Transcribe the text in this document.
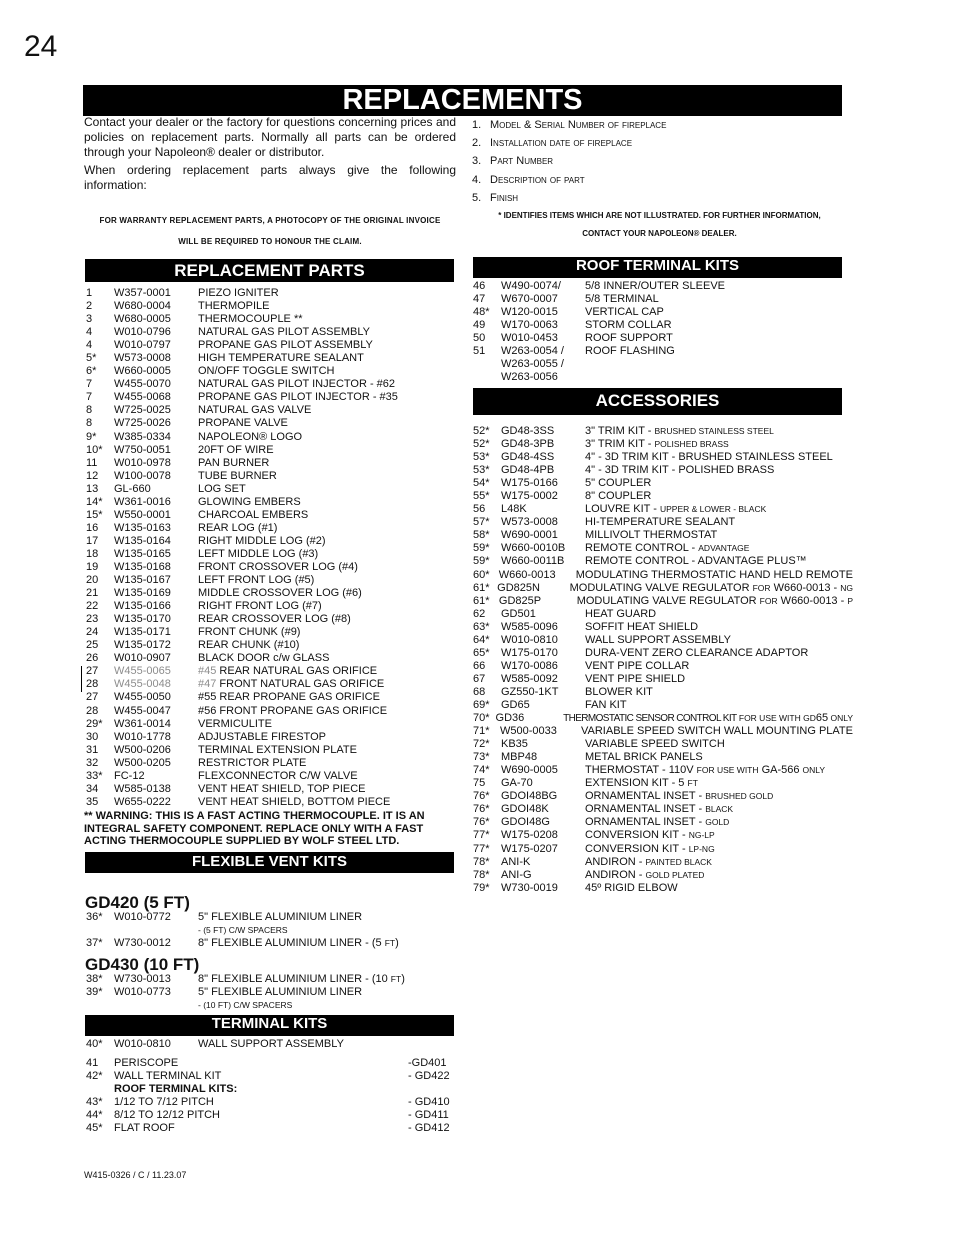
24
REPLACEMENTS

Contact your dealer or the factory for questions concerning prices and policies on replacement parts. Normally all parts can be ordered through your Napoleon® dealer or distributor.

When ordering replacement parts always give the following information:

FOR WARRANTY REPLACEMENT PARTS, A PHOTOCOPY OF THE ORIGINAL INVOICE
WILL BE REQUIRED TO HONOUR THE CLAIM.
1. Model & Serial Number of fireplace
2. Installation date of fireplace
3. Part Number
4. Description of part
5. Finish
* IDENTIFIES ITEMS WHICH ARE NOT ILLUSTRATED. FOR FURTHER INFORMATION,
CONTACT YOUR NAPOLEON® DEALER.
REPLACEMENT PARTS
1	W357-0001	PIEZO IGNITER
2	W680-0004	THERMOPILE
3	W680-0005	THERMOCOUPLE **
4	W010-0796	NATURAL GAS PILOT ASSEMBLY
4	W010-0797	PROPANE GAS PILOT ASSEMBLY
5*	W573-0008	HIGH TEMPERATURE SEALANT
6*	W660-0005	ON/OFF TOGGLE SWITCH
7	W455-0070	NATURAL GAS PILOT INJECTOR - #62
7	W455-0068	PROPANE GAS PILOT INJECTOR - #35
8	W725-0025	NATURAL GAS VALVE
8	W725-0026	PROPANE VALVE
9*	W385-0334	NAPOLEON® LOGO
10*	W750-0051	20FT OF WIRE
11	W010-0978	PAN BURNER
12	W100-0078	TUBE BURNER
13	GL-660	LOG SET
14*	W361-0016	GLOWING EMBERS
15*	W550-0001	CHARCOAL EMBERS
16	W135-0163	REAR LOG (#1)
17	W135-0164	RIGHT MIDDLE LOG (#2)
18	W135-0165	LEFT MIDDLE LOG (#3)
19	W135-0168	FRONT CROSSOVER LOG (#4)
20	W135-0167	LEFT FRONT LOG (#5)
21	W135-0169	MIDDLE CROSSOVER LOG (#6)
22	W135-0166	RIGHT FRONT LOG (#7)
23	W135-0170	REAR CROSSOVER LOG (#8)
24	W135-0171	FRONT CHUNK (#9)
25	W135-0172	REAR CHUNK (#10)
26	W010-0907	BLACK DOOR c/w GLASS
27	W455-0065	#45 REAR NATURAL GAS ORIFICE
28	W455-0048	#47 FRONT NATURAL GAS ORIFICE
27	W455-0050	#55 REAR PROPANE GAS ORIFICE
28	W455-0047	#56 FRONT PROPANE GAS ORIFICE
29*	W361-0014	VERMICULITE
30	W010-1778	ADJUSTABLE FIRESTOP
31	W500-0206	TERMINAL EXTENSION PLATE
32	W500-0205	RESTRICTOR PLATE
33*	FC-12	FLEXCONNECTOR C/W VALVE
34	W585-0138	VENT HEAT SHIELD, TOP PIECE
35	W655-0222	VENT HEAT SHIELD, BOTTOM PIECE
** WARNING: THIS IS A FAST ACTING THERMOCOUPLE. IT IS AN INTEGRAL SAFETY COMPONENT. REPLACE ONLY WITH A FAST ACTING THERMOCOUPLE SUPPLIED BY WOLF STEEL LTD.
FLEXIBLE VENT KITS
GD420 (5 FT)
36*	W010-0772	5" FLEXIBLE ALUMINIUM LINER
- (5 FT) C/W SPACERS
37*	W730-0012	8" FLEXIBLE ALUMINIUM LINER - (5 FT)
GD430 (10 FT)
38*	W730-0013	8" FLEXIBLE ALUMINIUM LINER - (10 FT)
39*	W010-0773	5" FLEXIBLE ALUMINIUM LINER
- (10 FT) C/W SPACERS
TERMINAL KITS
40*	W010-0810	WALL SUPPORT ASSEMBLY
41	PERISCOPE	-GD401
42*	WALL TERMINAL KIT	- GD422
ROOF TERMINAL KITS:
43*	1/12 TO 7/12 PITCH	- GD410
44*	8/12 TO 12/12 PITCH	- GD411
45*	FLAT ROOF	- GD412
ROOF TERMINAL KITS
46	W490-0074/	5/8 INNER/OUTER SLEEVE
47	W670-0007	5/8 TERMINAL
48*	W120-0015	VERTICAL CAP
49	W170-0063	STORM COLLAR
50	W010-0453	ROOF SUPPORT
51	W263-0054 /	ROOF FLASHING
W263-0055 /
W263-0056
ACCESSORIES
52*	GD48-3SS	3" TRIM KIT - BRUSHED STAINLESS STEEL
52*	GD48-3PB	3" TRIM KIT - POLISHED BRASS
53*	GD48-4SS	4" - 3D TRIM KIT - BRUSHED STAINLESS STEEL
53*	GD48-4PB	4" - 3D TRIM KIT - POLISHED BRASS
54*	W175-0166	5" COUPLER
55*	W175-0002	8" COUPLER
56	L48K	LOUVRE KIT - UPPER & LOWER - BLACK
57*	W573-0008	HI-TEMPERATURE SEALANT
58*	W690-0001	MILLIVOLT THERMOSTAT
59*	W660-0010B	REMOTE CONTROL - ADVANTAGE
59*	W660-0011B	REMOTE CONTROL - ADVANTAGE PLUS™
60* W660-0013	MODULATING THERMOSTATIC HAND HELD REMOTE
61* GD825N	MODULATING VALVE REGULATOR FOR W660-0013 - NG
61* GD825P	MODULATING VALVE REGULATOR FOR W660-0013 - P
62	GD501	HEAT GUARD
63*	W585-0096	SOFFIT HEAT SHIELD
64*	W010-0810	WALL SUPPORT ASSEMBLY
65*	W175-0170	DURA-VENT ZERO CLEARANCE ADAPTOR
66	W170-0086	VENT PIPE COLLAR
67	W585-0092	VENT PIPE SHIELD
68	GZ550-1KT	BLOWER KIT
69*	GD65	FAN KIT
70* GD36	THERMOSTATIC SENSOR CONTROL KIT FOR USE WITH GD65 ONLY
71* W500-0033	VARIABLE SPEED SWITCH WALL MOUNTING PLATE
72*	KB35	VARIABLE SPEED SWITCH
73*	MBP48	METAL BRICK PANELS
74*	W690-0005	THERMOSTAT - 110V FOR USE WITH GA-566 ONLY
75	GA-70	EXTENSION KIT - 5 FT
76*	GDOI48BG	ORNAMENTAL INSET - BRUSHED GOLD
76*	GDOI48K	ORNAMENTAL INSET - BLACK
76*	GDOI48G	ORNAMENTAL INSET - GOLD
77*	W175-0208	CONVERSION KIT - NG-LP
77*	W175-0207	CONVERSION KIT - LP-NG
78*	ANI-K	ANDIRON - PAINTED BLACK
78*	ANI-G	ANDIRON - GOLD PLATED
79*	W730-0019	45º RIGID ELBOW
W415-0326 / C / 11.23.07
